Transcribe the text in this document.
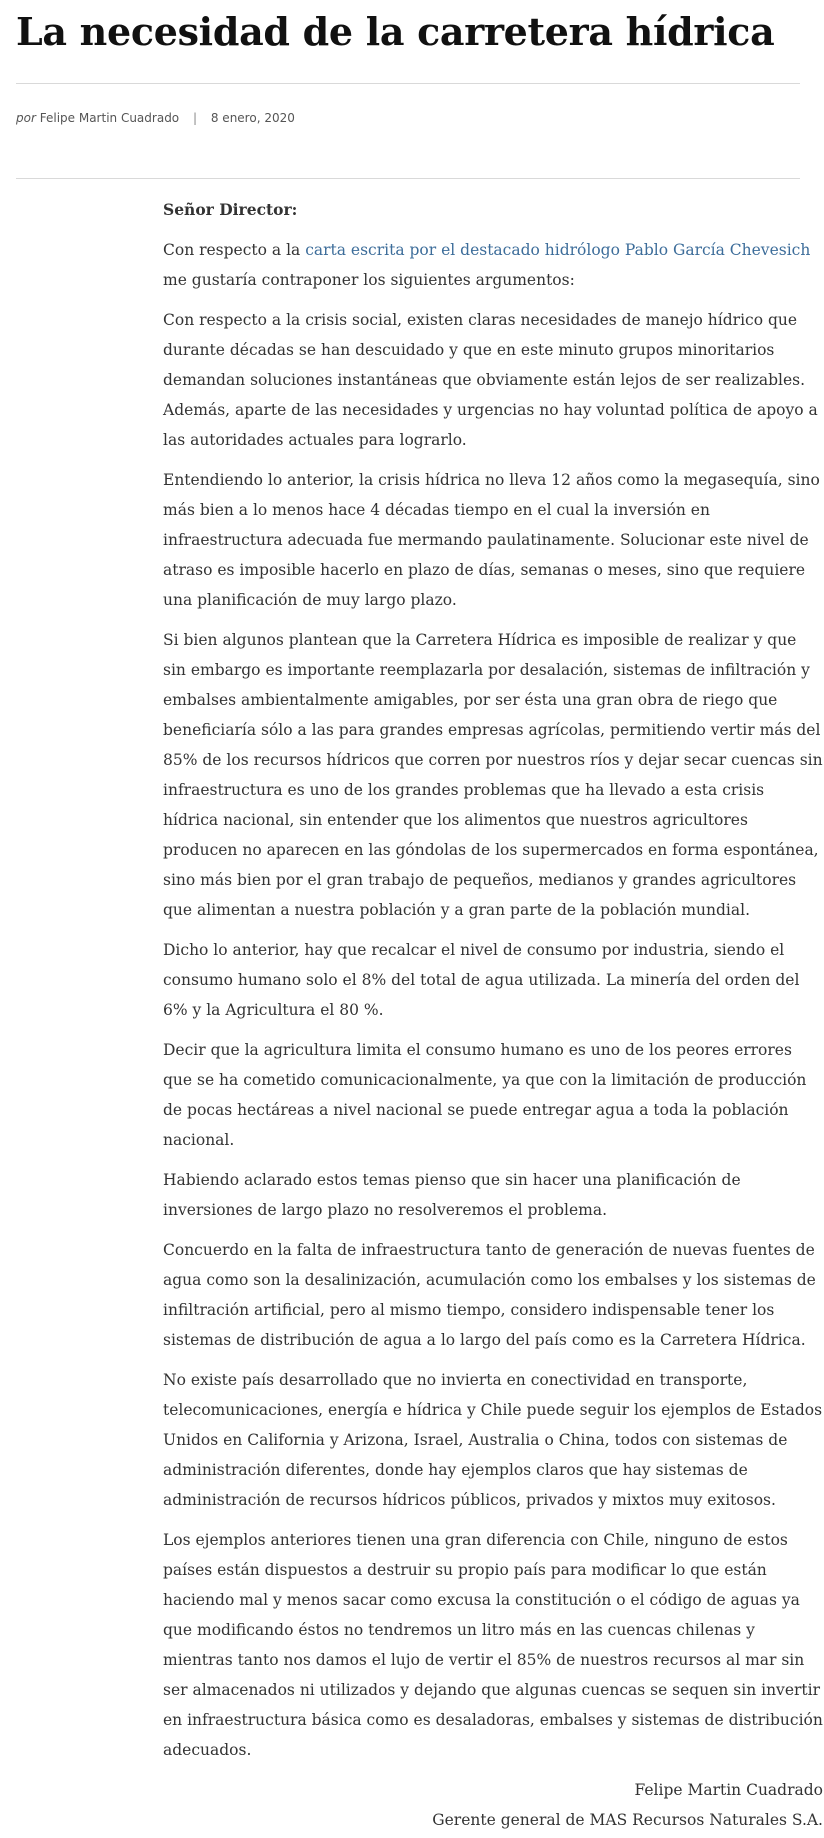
La necesidad de la carretera hídrica
por Felipe Martin Cuadrado | 8 enero, 2020

Señor Director:

Con respecto a la carta escrita por el destacado hidrólogo Pablo García Chevesich me gustaría contraponer los siguientes argumentos:

Con respecto a la crisis social, existen claras necesidades de manejo hídrico que durante décadas se han descuidado y que en este minuto grupos minoritarios demandan soluciones instantáneas que obviamente están lejos de ser realizables. Además, aparte de las necesidades y urgencias no hay voluntad política de apoyo a las autoridades actuales para lograrlo.

Entendiendo lo anterior, la crisis hídrica no lleva 12 años como la megasequía, sino más bien a lo menos hace 4 décadas tiempo en el cual la inversión en infraestructura adecuada fue mermando paulatinamente. Solucionar este nivel de atraso es imposible hacerlo en plazo de días, semanas o meses, sino que requiere una planificación de muy largo plazo.

Si bien algunos plantean que la Carretera Hídrica es imposible de realizar y que sin embargo es importante reemplazarla por desalación, sistemas de infiltración y embalses ambientalmente amigables, por ser ésta una gran obra de riego que beneficiaría sólo a las para grandes empresas agrícolas, permitiendo vertir más del 85% de los recursos hídricos que corren por nuestros ríos y dejar secar cuencas sin infraestructura es uno de los grandes problemas que ha llevado a esta crisis hídrica nacional, sin entender que los alimentos que nuestros agricultores producen no aparecen en las góndolas de los supermercados en forma espontánea, sino más bien por el gran trabajo de pequeños, medianos y grandes agricultores que alimentan a nuestra población y a gran parte de la población mundial.

Dicho lo anterior, hay que recalcar el nivel de consumo por industria, siendo el consumo humano solo el 8% del total de agua utilizada. La minería del orden del 6% y la Agricultura el 80 %.

Decir que la agricultura limita el consumo humano es uno de los peores errores que se ha cometido comunicacionalmente, ya que con la limitación de producción de pocas hectáreas a nivel nacional se puede entregar agua a toda la población nacional.

Habiendo aclarado estos temas pienso que sin hacer una planificación de inversiones de largo plazo no resolveremos el problema.

Concuerdo en la falta de infraestructura tanto de generación de nuevas fuentes de agua como son la desalinización, acumulación como los embalses y los sistemas de infiltración artificial, pero al mismo tiempo, considero indispensable tener los sistemas de distribución de agua a lo largo del país como es la Carretera Hídrica.

No existe país desarrollado que no invierta en conectividad en transporte, telecomunicaciones, energía e hídrica y Chile puede seguir los ejemplos de Estados Unidos en California y Arizona, Israel, Australia o China, todos con sistemas de administración diferentes, donde hay ejemplos claros que hay sistemas de administración de recursos hídricos públicos, privados y mixtos muy exitosos.

Los ejemplos anteriores tienen una gran diferencia con Chile, ninguno de estos países están dispuestos a destruir su propio país para modificar lo que están haciendo mal y menos sacar como excusa la constitución o el código de aguas ya que modificando éstos no tendremos un litro más en las cuencas chilenas y mientras tanto nos damos el lujo de vertir el 85% de nuestros recursos al mar sin ser almacenados ni utilizados y dejando que algunas cuencas se sequen sin invertir en infraestructura básica como es desaladoras, embalses y sistemas de distribución adecuados.

Felipe Martin Cuadrado
Gerente general de MAS Recursos Naturales S.A.
